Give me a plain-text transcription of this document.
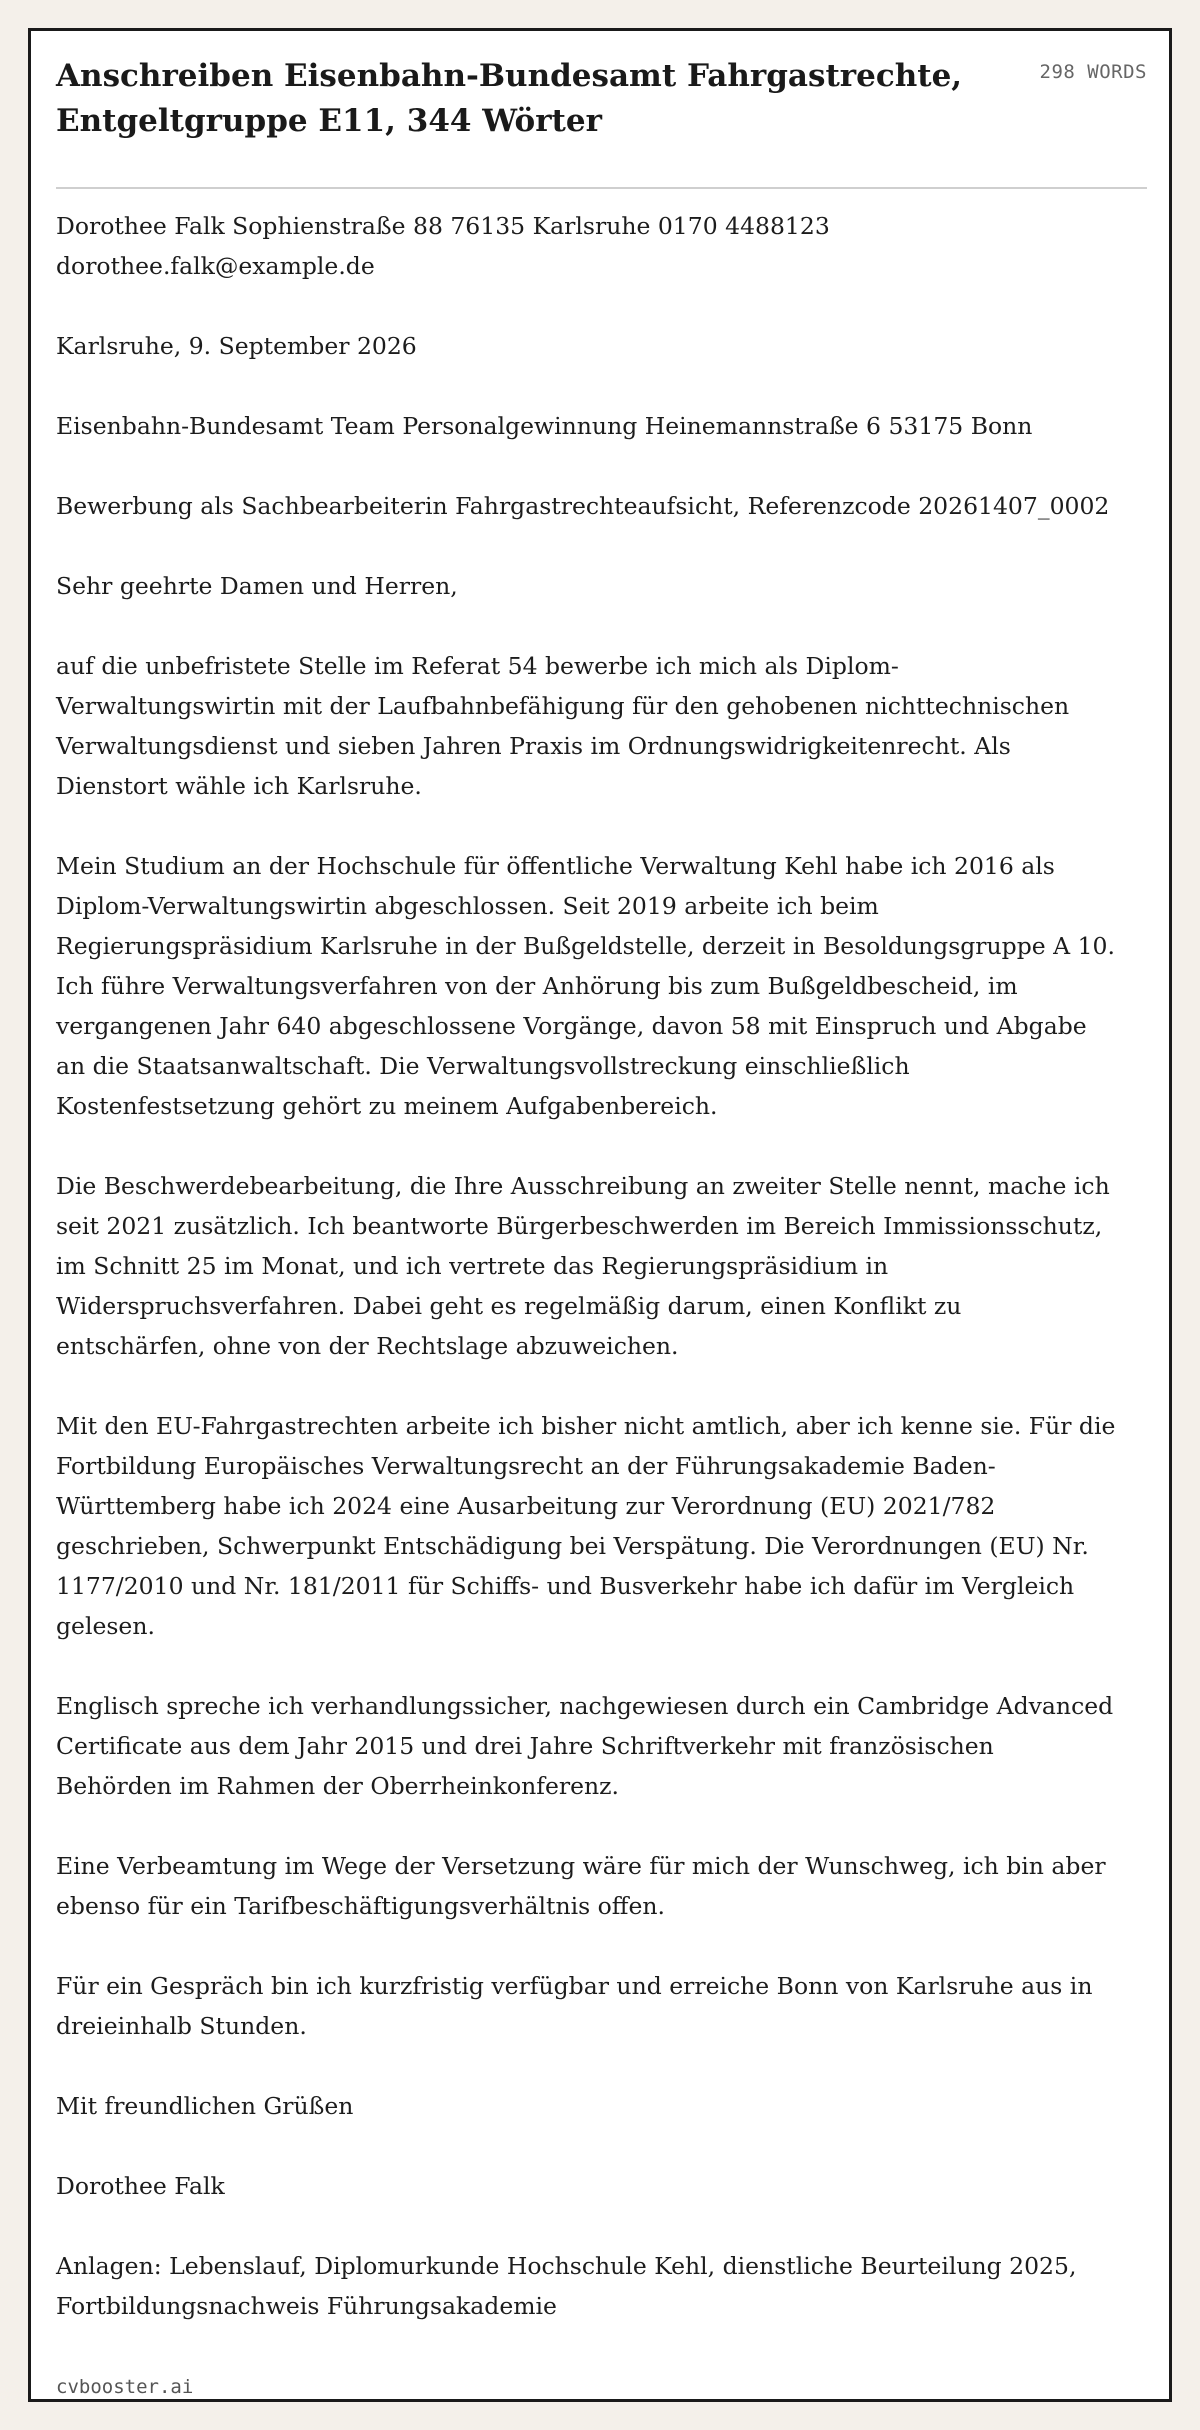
Anschreiben Eisenbahn-Bundesamt Fahrgastrechte, Entgeltgruppe E11, 344 Wörter
298 WORDS

Dorothee Falk Sophienstraße 88 76135 Karlsruhe 0170 4488123 dorothee.falk@example.de

Karlsruhe, 9. September 2026

Eisenbahn-Bundesamt Team Personalgewinnung Heinemannstraße 6 53175 Bonn

Bewerbung als Sachbearbeiterin Fahrgastrechteaufsicht, Referenzcode 20261407_0002

Sehr geehrte Damen und Herren,

auf die unbefristete Stelle im Referat 54 bewerbe ich mich als Diplom-Verwaltungswirtin mit der Laufbahnbefähigung für den gehobenen nichttechnischen Verwaltungsdienst und sieben Jahren Praxis im Ordnungswidrigkeitenrecht. Als Dienstort wähle ich Karlsruhe.

Mein Studium an der Hochschule für öffentliche Verwaltung Kehl habe ich 2016 als Diplom-Verwaltungswirtin abgeschlossen. Seit 2019 arbeite ich beim Regierungspräsidium Karlsruhe in der Bußgeldstelle, derzeit in Besoldungsgruppe A 10. Ich führe Verwaltungsverfahren von der Anhörung bis zum Bußgeldbescheid, im vergangenen Jahr 640 abgeschlossene Vorgänge, davon 58 mit Einspruch und Abgabe an die Staatsanwaltschaft. Die Verwaltungsvollstreckung einschließlich Kostenfestsetzung gehört zu meinem Aufgabenbereich.

Die Beschwerdebearbeitung, die Ihre Ausschreibung an zweiter Stelle nennt, mache ich seit 2021 zusätzlich. Ich beantworte Bürgerbeschwerden im Bereich Immissionsschutz, im Schnitt 25 im Monat, und ich vertrete das Regierungspräsidium in Widerspruchsverfahren. Dabei geht es regelmäßig darum, einen Konflikt zu entschärfen, ohne von der Rechtslage abzuweichen.

Mit den EU-Fahrgastrechten arbeite ich bisher nicht amtlich, aber ich kenne sie. Für die Fortbildung Europäisches Verwaltungsrecht an der Führungsakademie Baden-Württemberg habe ich 2024 eine Ausarbeitung zur Verordnung (EU) 2021/782 geschrieben, Schwerpunkt Entschädigung bei Verspätung. Die Verordnungen (EU) Nr. 1177/2010 und Nr. 181/2011 für Schiffs- und Busverkehr habe ich dafür im Vergleich gelesen.

Englisch spreche ich verhandlungssicher, nachgewiesen durch ein Cambridge Advanced Certificate aus dem Jahr 2015 und drei Jahre Schriftverkehr mit französischen Behörden im Rahmen der Oberrheinkonferenz.

Eine Verbeamtung im Wege der Versetzung wäre für mich der Wunschweg, ich bin aber ebenso für ein Tarifbeschäftigungsverhältnis offen.

Für ein Gespräch bin ich kurzfristig verfügbar und erreiche Bonn von Karlsruhe aus in dreieinhalb Stunden.

Mit freundlichen Grüßen

Dorothee Falk

Anlagen: Lebenslauf, Diplomurkunde Hochschule Kehl, dienstliche Beurteilung 2025, Fortbildungsnachweis Führungsakademie

cvbooster.ai
